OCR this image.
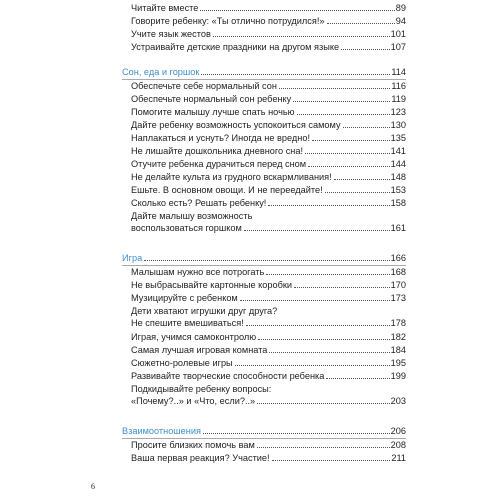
Читайте вместе	89
Говорите ребенку: «Ты отлично потрудился!»	94
Учите язык жестов	101
Устраивайте детские праздники на другом языке	107
Сон, еда и горшок	114
Обеспечьте себе нормальный сон	116
Обеспечьте нормальный сон ребенку	119
Помогите малышу лучше спать ночью	123
Дайте ребенку возможность успокоиться самому	130
Наплакаться и уснуть? Иногда не вредно!	135
Не лишайте дошкольника дневного сна!	141
Отучите ребенка дурачиться перед сном	144
Не делайте культа из грудного вскармливания!	148
Ешьте. В основном овощи. И не переедайте!	153
Сколько есть? Решать ребенку!	158
Дайте малышу возможность
воспользоваться горшком	161
Игра	166
Малышам нужно все потрогать	168
Не выбрасывайте картонные коробки	170
Музицируйте с ребенком	173
Дети хватают игрушки друг друга?
Не спешите вмешиваться!	178
Играя, учимся самоконтролю	182
Самая лучшая игровая комната	184
Сюжетно-ролевые игры	195
Развивайте творческие способности ребенка	199
Подкидывайте ребенку вопросы:
«Почему?..» и «Что, если?..»	203
Взаимоотношения	206
Просите близких помочь вам	208
Ваша первая реакция? Участие!	211
6
